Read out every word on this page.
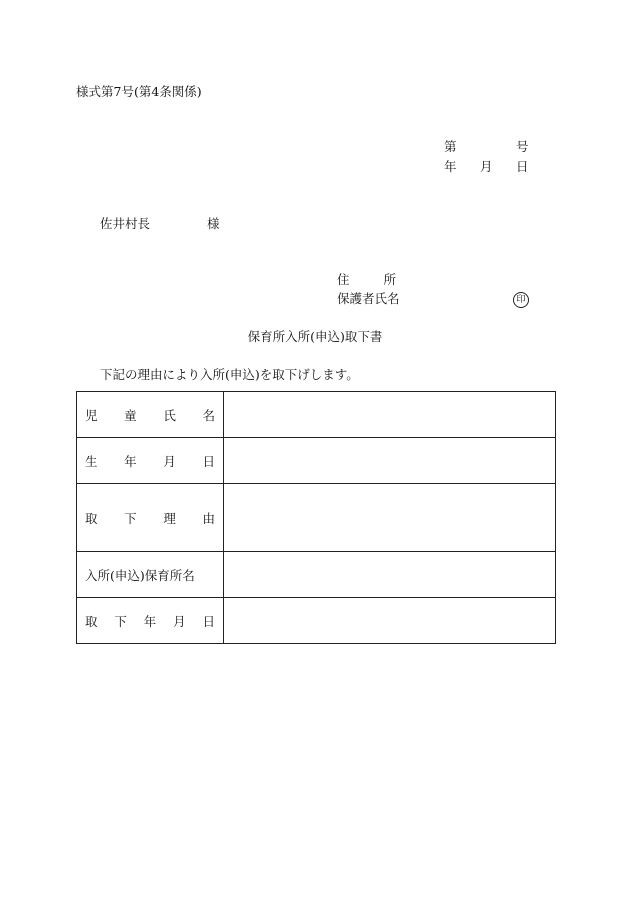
様式第7号(第4条関係)
第	号
年 月 日
佐井村長	様
住	所
保護者氏名	印
保育所入所(申込)取下書
下記の理由により入所(申込)を取下げします。
児 童 氏 名	

生 年 月 日	

取 下 理 由	

入所(申込)保育所名	

取 下 年 月 日	
